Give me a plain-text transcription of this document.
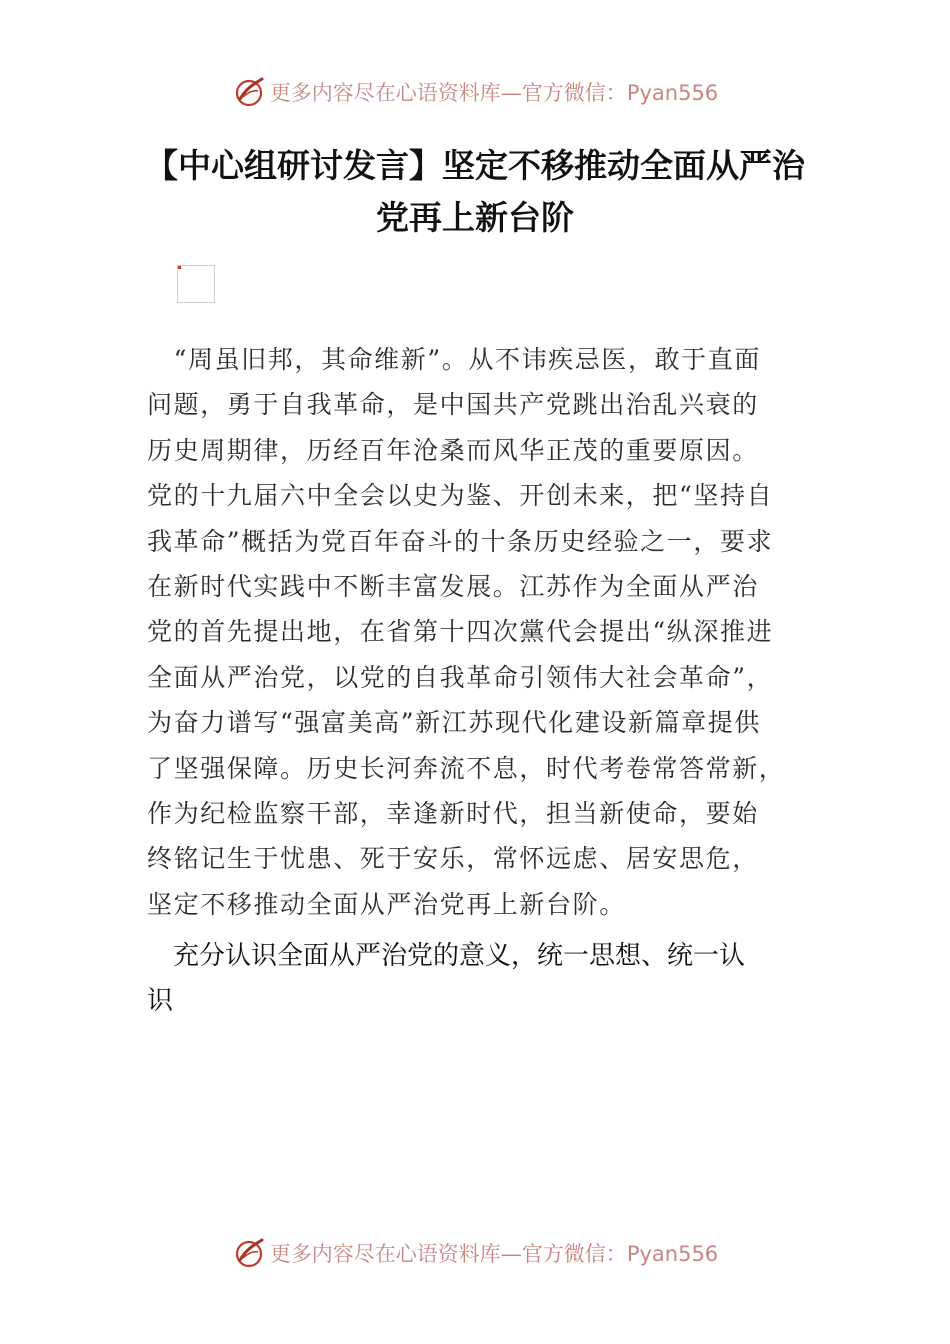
更多内容尽在心语资料库—官方微信：Pyan556
【中心组研讨发言】坚定不移推动全面从严治
党再上新台阶
　“周虽旧邦，其命维新”。从不讳疾忌医，敢于直面
问题，勇于自我革命，是中国共产党跳出治乱兴衰的
历史周期律，历经百年沧桑而风华正茂的重要原因。
党的十九届六中全会以史为鉴、开创未来，把“坚持自
我革命”概括为党百年奋斗的十条历史经验之一，要求
在新时代实践中不断丰富发展。江苏作为全面从严治
党的首先提出地，在省第十四次黨代会提出“纵深推进
全面从严治党，以党的自我革命引领伟大社会革命”，
为奋力谱写“强富美高”新江苏现代化建设新篇章提供
了坚强保障。历史长河奔流不息，时代考卷常答常新，
作为纪检监察干部，幸逢新时代，担当新使命，要始
终铭记生于忧患、死于安乐，常怀远虑、居安思危，
坚定不移推动全面从严治党再上新台阶。
　充分认识全面从严治党的意义，统一思想、统一认
识
更多内容尽在心语资料库—官方微信：Pyan556
